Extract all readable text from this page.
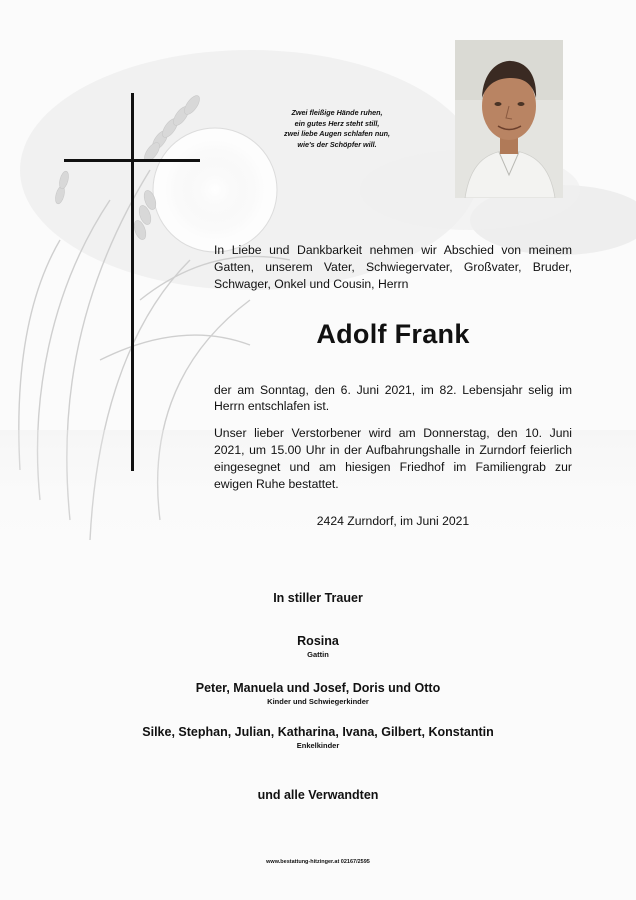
Zwei fleißige Hände ruhen,
ein gutes Herz steht still,
zwei liebe Augen schlafen nun,
wie's der Schöpfer will.
In Liebe und Dankbarkeit nehmen wir Abschied von meinem Gatten, unserem Vater, Schwiegervater, Großvater, Bruder, Schwager, Onkel und Cousin, Herrn
Adolf Frank
der am Sonntag, den 6. Juni 2021, im 82. Lebensjahr selig im Herrn entschlafen ist.
Unser lieber Verstorbener wird am Donnerstag, den 10. Juni 2021, um 15.00 Uhr in der Aufbahrungshalle in Zurndorf feierlich eingesegnet und am hiesigen Friedhof im Familiengrab zur ewigen Ruhe bestattet.
2424 Zurndorf, im Juni 2021
In stiller Trauer
Rosina
Gattin
Peter, Manuela und Josef, Doris und Otto
Kinder und Schwiegerkinder
Silke, Stephan, Julian, Katharina, Ivana, Gilbert, Konstantin
Enkelkinder
und alle Verwandten
www.bestattung-hitzinger.at 02167/2595
